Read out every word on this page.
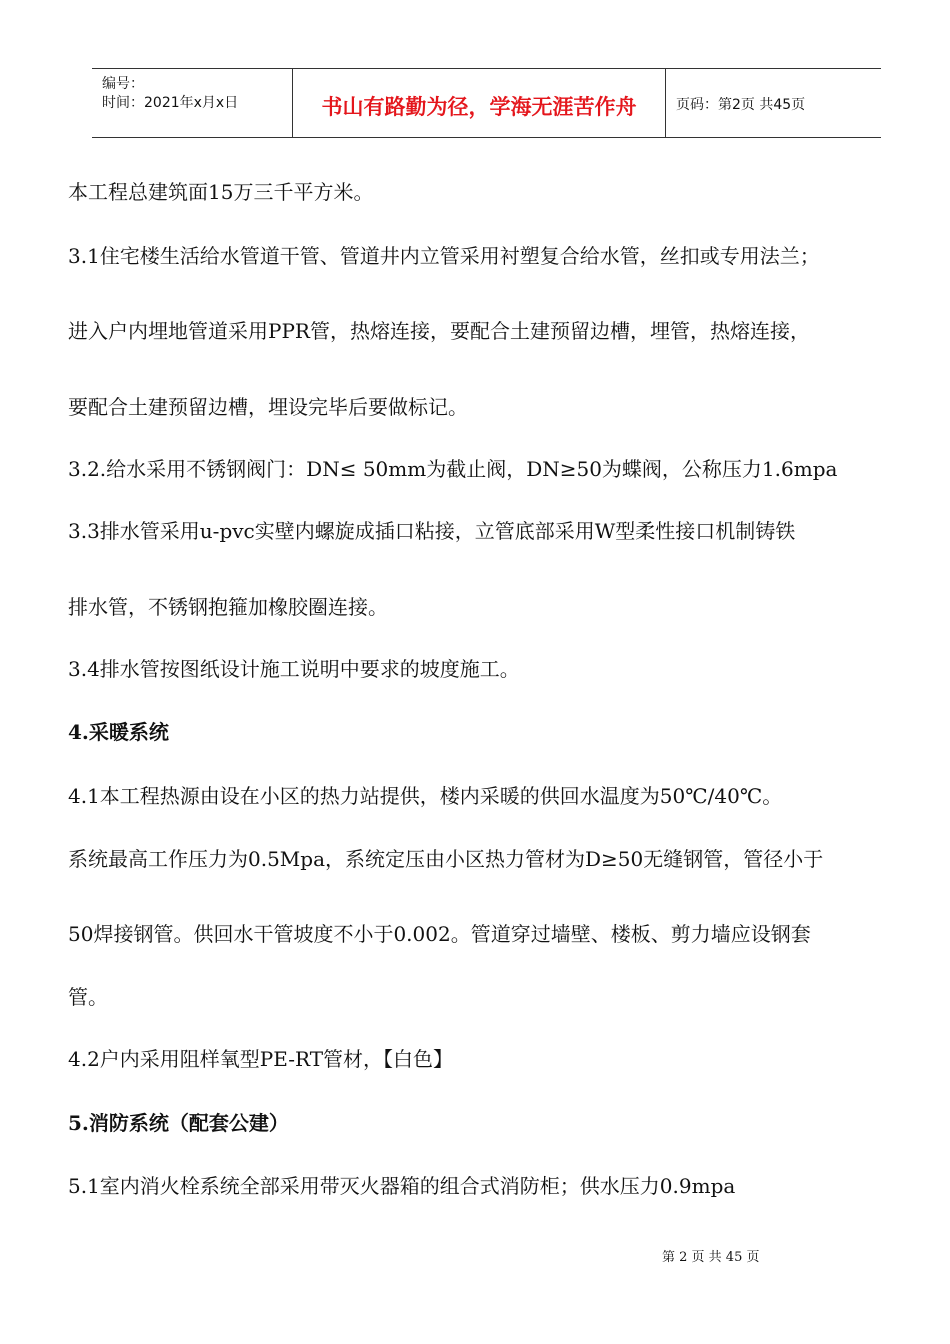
编号：
时间：2021年x月x日	书山有路勤为径，学海无涯苦作舟	页码：第2页 共45页
本工程总建筑面15万三千平方米。
3.1住宅楼生活给水管道干管、管道井内立管采用衬塑复合给水管，丝扣或专用法兰；
进入户内埋地管道采用PPR管，热熔连接，要配合土建预留边槽，埋管，热熔连接，
要配合土建预留边槽，埋设完毕后要做标记。
3.2.给水采用不锈钢阀门：DN≤ 50mm为截止阀，DN≥50为蝶阀，公称压力1.6mpa
3.3排水管采用u-pvc实壁内螺旋成插口粘接，立管底部采用W型柔性接口机制铸铁
排水管，不锈钢抱箍加橡胶圈连接。
3.4排水管按图纸设计施工说明中要求的坡度施工。
4.采暖系统
4.1本工程热源由设在小区的热力站提供，楼内采暖的供回水温度为50℃/40℃。
系统最高工作压力为0.5Mpa，系统定压由小区热力管材为D≥50无缝钢管，管径小于
50焊接钢管。供回水干管坡度不小于0.002。管道穿过墙壁、楼板、剪力墙应设钢套
管。
4.2户内采用阻样氧型PE-RT管材，【白色】
5.消防系统（配套公建）
5.1室内消火栓系统全部采用带灭火器箱的组合式消防柜；供水压力0.9mpa
第 2 页 共 45 页
